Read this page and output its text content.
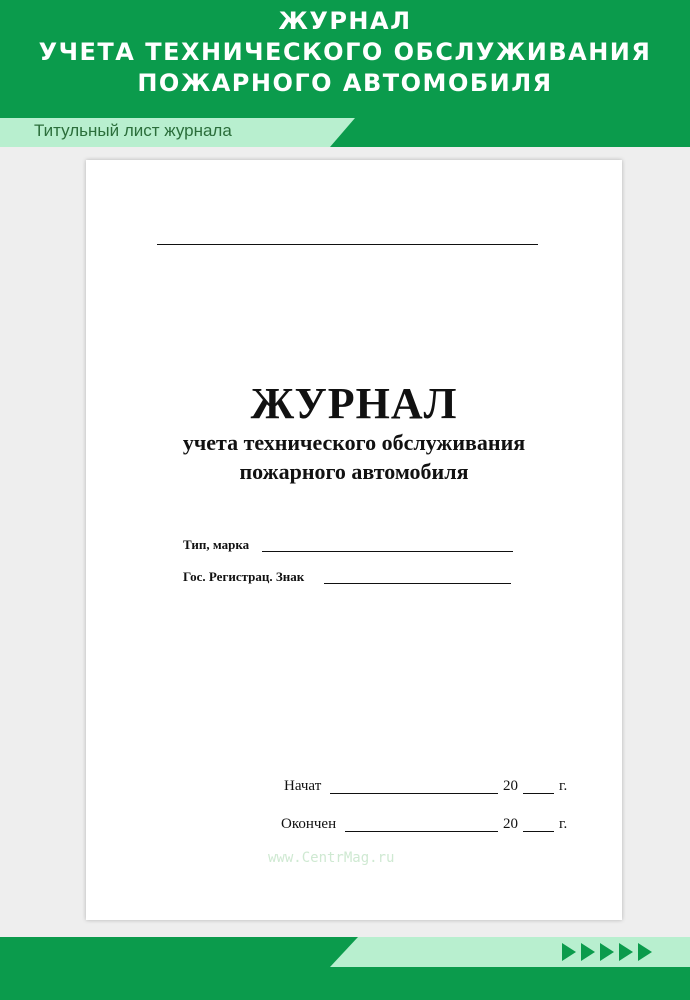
ЖУРНАЛ
УЧЕТА ТЕХНИЧЕСКОГО ОБСЛУЖИВАНИЯ
ПОЖАРНОГО АВТОМОБИЛЯ
Титульный лист журнала
ЖУРНАЛ
учета технического обслуживания
пожарного автомобиля
Тип, марка
Гос. Регистрац. Знак
Начат	20	г.
Окончен	20	г.
www.CentrMag.ru
